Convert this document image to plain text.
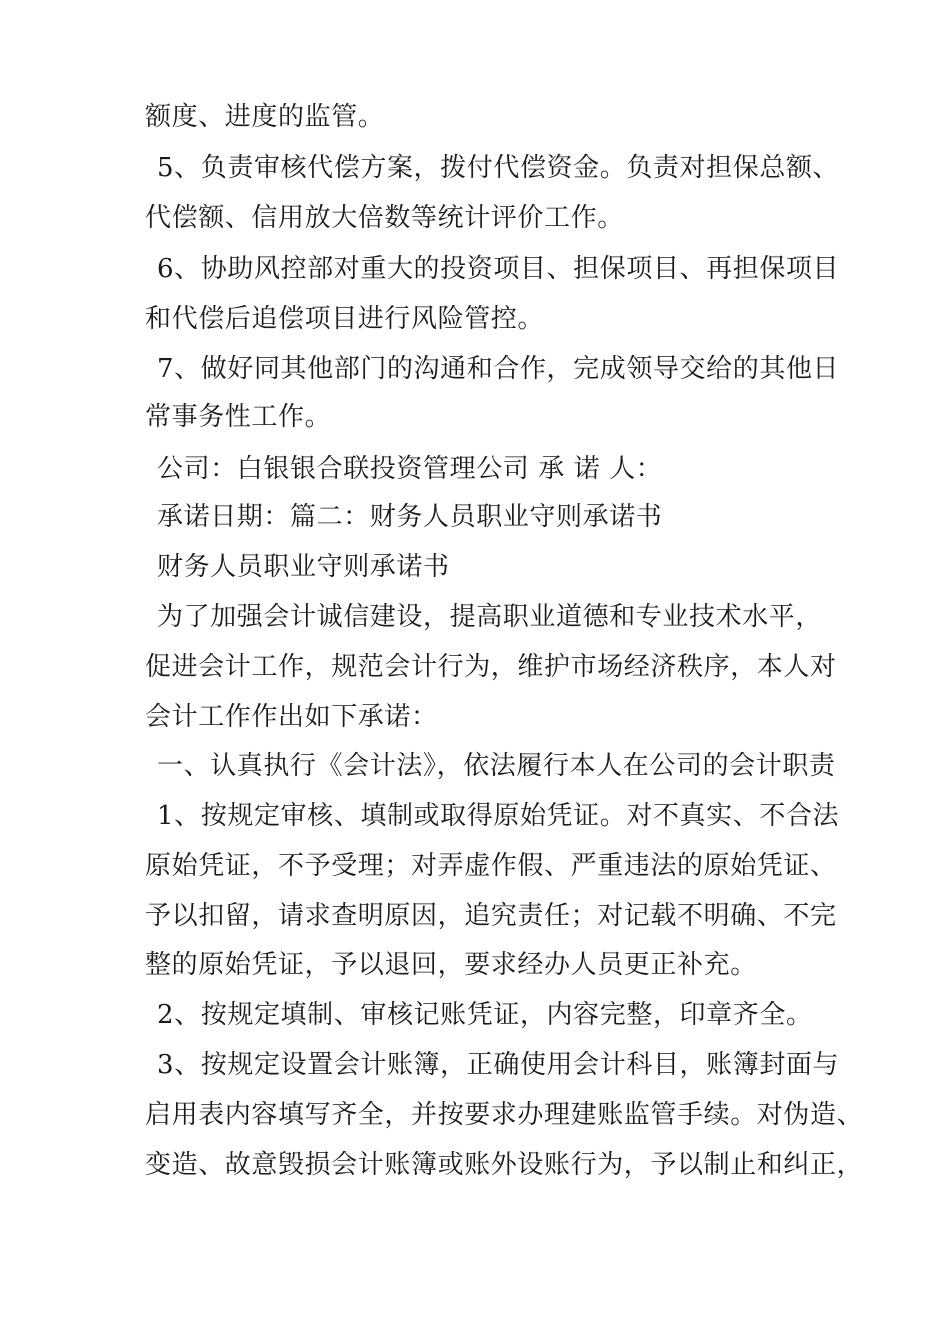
额度、进度的监管。
5、负责审核代偿方案，拨付代偿资金。负责对担保总额、
代偿额、信用放大倍数等统计评价工作。
6、协助风控部对重大的投资项目、担保项目、再担保项目
和代偿后追偿项目进行风险管控。
7、做好同其他部门的沟通和合作，完成领导交给的其他日
常事务性工作。
公司：白银银合联投资管理公司 承 诺 人：
承诺日期：篇二：财务人员职业守则承诺书
财务人员职业守则承诺书
为了加强会计诚信建设，提高职业道德和专业技术水平，
促进会计工作，规范会计行为，维护市场经济秩序，本人对
会计工作作出如下承诺：
一、认真执行《会计法》，依法履行本人在公司的会计职责
1、按规定审核、填制或取得原始凭证。对不真实、不合法
原始凭证，不予受理；对弄虚作假、严重违法的原始凭证、
予以扣留，请求查明原因，追究责任；对记载不明确、不完
整的原始凭证，予以退回，要求经办人员更正补充。
2、按规定填制、审核记账凭证，内容完整，印章齐全。
3、按规定设置会计账簿，正确使用会计科目，账簿封面与
启用表内容填写齐全，并按要求办理建账监管手续。对伪造、
变造、故意毁损会计账簿或账外设账行为，予以制止和纠正，
